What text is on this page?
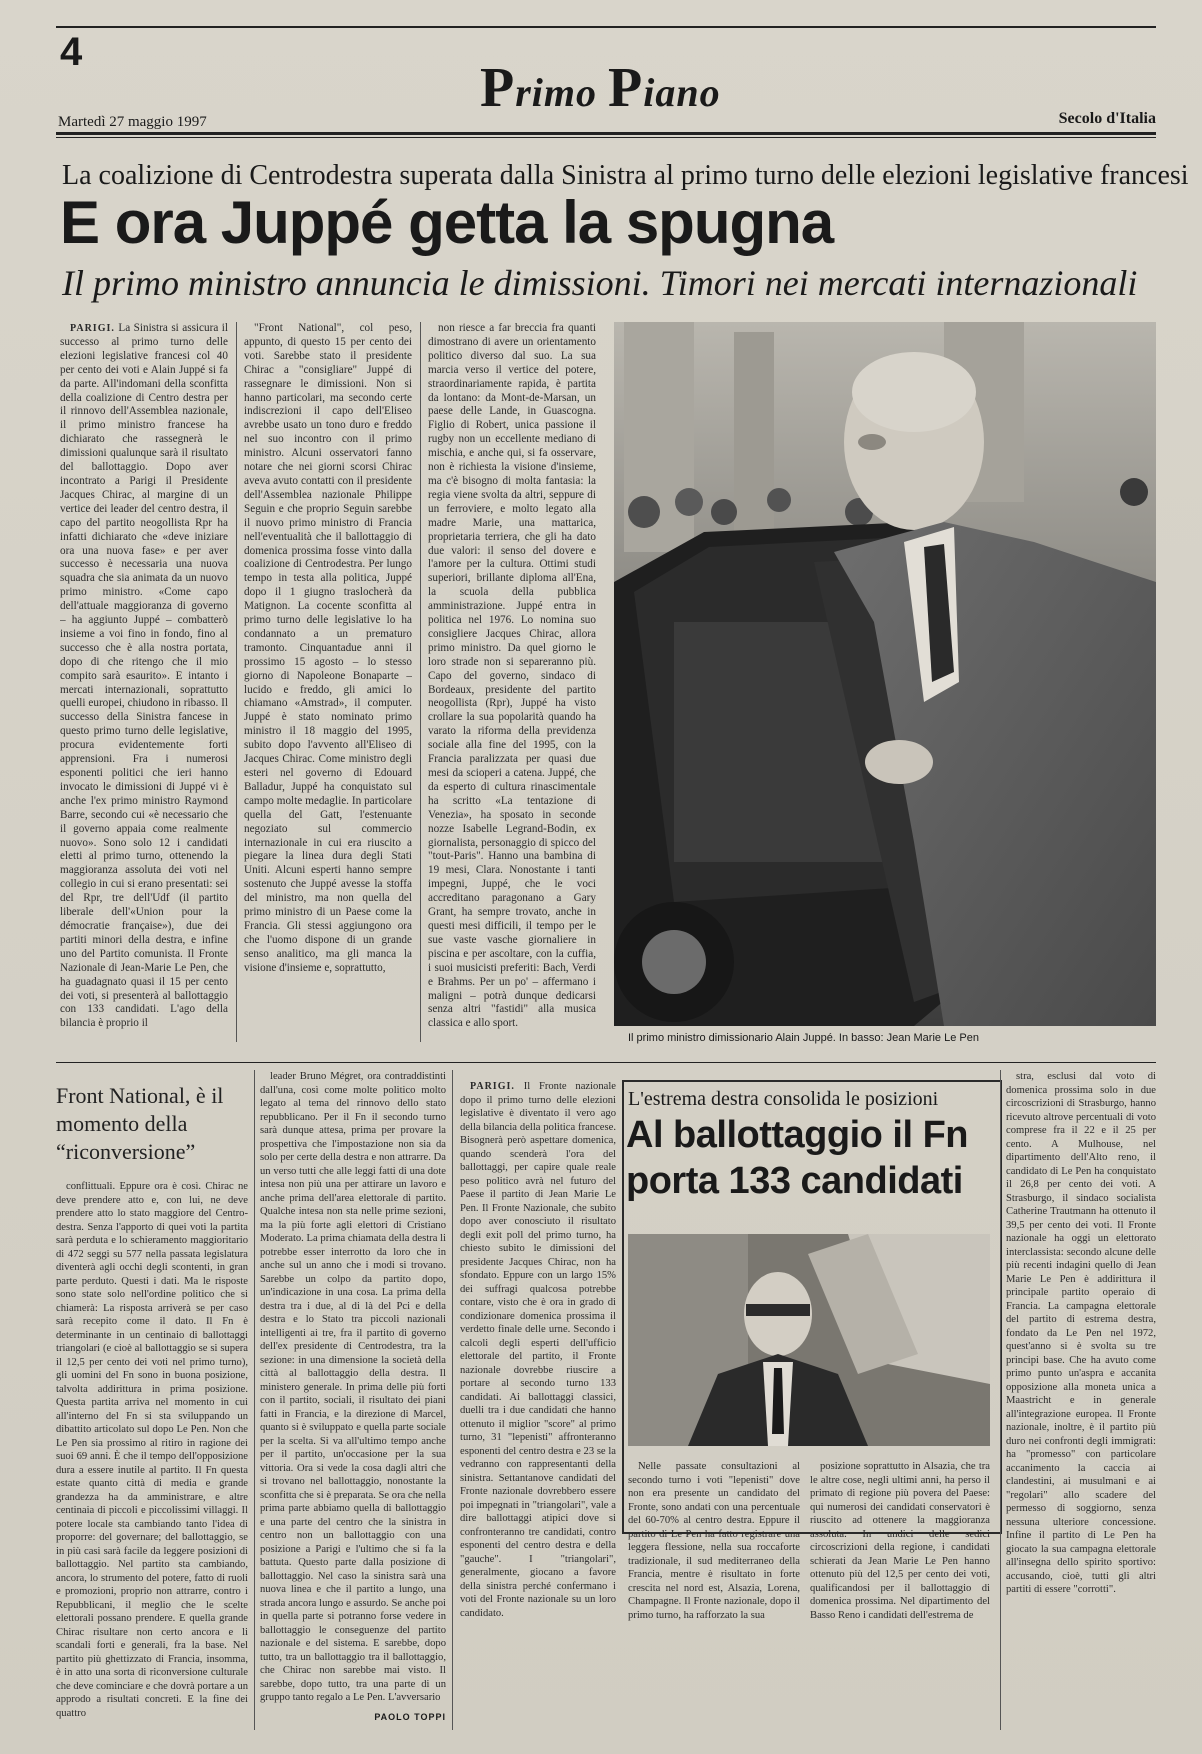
4
Primo Piano
Martedì 27 maggio 1997	Secolo d'Italia
La coalizione di Centrodestra superata dalla Sinistra al primo turno delle elezioni legislative francesi
E ora Juppé getta la spugna
Il primo ministro annuncia le dimissioni. Timori nei mercati internazionali

PARIGI. La Sinistra si assicura il successo al primo turno delle elezioni legislative francesi col 40 per cento dei voti e Alain Juppé si fa da parte. All'indomani della sconfitta della coalizione di Centro destra per il rinnovo dell'Assemblea nazionale, il primo ministro francese ha dichiarato che rassegnerà le dimissioni qualunque sarà il risultato del ballottaggio. Dopo aver incontrato a Parigi il Presidente Jacques Chirac, al margine di un vertice dei leader del centro destra, il capo del partito neogollista Rpr ha infatti dichiarato che «deve iniziare ora una nuova fase» e per aver successo è necessaria una nuova squadra che sia animata da un nuovo primo ministro. «Come capo dell'attuale maggioranza di governo – ha aggiunto Juppé – combatterò insieme a voi fino in fondo, fino al successo che è alla nostra portata, dopo di che ritengo che il mio compito sarà esaurito». E intanto i mercati internazionali, soprattutto quelli europei, chiudono in ribasso. Il successo della Sinistra fancese in questo primo turno delle legislative, procura evidentemente forti apprensioni. Fra i numerosi esponenti politici che ieri hanno invocato le dimissioni di Juppé vi è anche l'ex primo ministro Raymond Barre, secondo cui «è necessario che il governo appaia come realmente nuovo». Sono solo 12 i candidati eletti al primo turno, ottenendo la maggioranza assoluta dei voti nel collegio in cui si erano presentati: sei del Rpr, tre dell'Udf (il partito liberale dell'«Union pour la démocratie française»), due dei partiti minori della destra, e infine uno del Partito comunista. Il Fronte Nazionale di Jean-Marie Le Pen, che ha guadagnato quasi il 15 per cento dei voti, si presenterà al ballottaggio con 133 candidati. L'ago della bilancia è proprio il

"Front National", col peso, appunto, di questo 15 per cento dei voti. Sarebbe stato il presidente Chirac a "consigliare" Juppé di rassegnare le dimissioni. Non si hanno particolari, ma secondo certe indiscrezioni il capo dell'Eliseo avrebbe usato un tono duro e freddo nel suo incontro con il primo ministro. Alcuni osservatori fanno notare che nei giorni scorsi Chirac aveva avuto contatti con il presidente dell'Assemblea nazionale Philippe Seguin e che proprio Seguin sarebbe il nuovo primo ministro di Francia nell'eventualità che il ballottaggio di domenica prossima fosse vinto dalla coalizione di Centrodestra. Per lungo tempo in testa alla politica, Juppé dopo il 1 giugno traslocherà da Matignon. La cocente sconfitta al primo turno delle legislative lo ha condannato a un prematuro tramonto. Cinquantadue anni il prossimo 15 agosto – lo stesso giorno di Napoleone Bonaparte – lucido e freddo, gli amici lo chiamano «Amstrad», il computer. Juppé è stato nominato primo ministro il 18 maggio del 1995, subito dopo l'avvento all'Eliseo di Jacques Chirac. Come ministro degli esteri nel governo di Edouard Balladur, Juppé ha conquistato sul campo molte medaglie. In particolare quella del Gatt, l'estenuante negoziato sul commercio internazionale in cui era riuscito a piegare la linea dura degli Stati Uniti. Alcuni esperti hanno sempre sostenuto che Juppé avesse la stoffa del ministro, ma non quella del primo ministro di un Paese come la Francia. Gli stessi aggiungono ora che l'uomo dispone di un grande senso analitico, ma gli manca la visione d'insieme e, soprattutto,

non riesce a far breccia fra quanti dimostrano di avere un orientamento politico diverso dal suo. La sua marcia verso il vertice del potere, straordinariamente rapida, è partita da lontano: da Mont-de-Marsan, un paese delle Lande, in Guascogna. Figlio di Robert, unica passione il rugby non un eccellente mediano di mischia, e anche qui, si fa osservare, non è richiesta la visione d'insieme, ma c'è bisogno di molta fantasia: la regia viene svolta da altri, seppure di un ferroviere, e molto legato alla madre Marie, una mattarica, proprietaria terriera, che gli ha dato due valori: il senso del dovere e l'amore per la cultura. Ottimi studi superiori, brillante diploma all'Ena, la scuola della pubblica amministrazione. Juppé entra in politica nel 1976. Lo nomina suo consigliere Jacques Chirac, allora primo ministro. Da quel giorno le loro strade non si separeranno più. Capo del governo, sindaco di Bordeaux, presidente del partito neogollista (Rpr), Juppé ha visto crollare la sua popolarità quando ha varato la riforma della previdenza sociale alla fine del 1995, con la Francia paralizzata per quasi due mesi da scioperi a catena. Juppé, che da esperto di cultura rinascimentale ha scritto «La tentazione di Venezia», ha sposato in seconde nozze Isabelle Legrand-Bodin, ex giornalista, personaggio di spicco del "tout-Paris". Hanno una bambina di 19 mesi, Clara. Nonostante i tanti impegni, Juppé, che le voci accreditano paragonano a Gary Grant, ha sempre trovato, anche in questi mesi difficili, il tempo per le sue vaste vasche giornaliere in piscina e per ascoltare, con la cuffia, i suoi musicisti preferiti: Bach, Verdi e Brahms. Per un po' – affermano i maligni – potrà dunque dedicarsi senza altri "fastidi" alla musica classica e allo sport.

Il primo ministro dimissionario Alain Juppé. In basso: Jean Marie Le Pen
Front National, è il momento della “riconversione”

conflittuali. Eppure ora è così. Chirac ne deve prendere atto e, con lui, ne deve prendere atto lo stato maggiore del Centro-destra. Senza l'apporto di quei voti la partita sarà perduta e lo schieramento maggioritario di 472 seggi su 577 nella passata legislatura diventerà agli occhi degli scontenti, in gran parte perduto. Questi i dati. Ma le risposte sono state solo nell'ordine politico che si chiamerà: La risposta arriverà se per caso sarà recepito come il dato. Il Fn è determinante in un centinaio di ballottaggi triangolari (e cioè al ballottaggio se si supera il 12,5 per cento dei voti nel primo turno), gli uomini del Fn sono in buona posizione, talvolta addirittura in prima posizione. Questa partita arriva nel momento in cui all'interno del Fn si sta sviluppando un dibattito articolato sul dopo Le Pen. Non che Le Pen sia prossimo al ritiro in ragione dei suoi 69 anni. È che il tempo dell'opposizione dura a essere inutile al partito. Il Fn questa estate quanto città di media e grande grandezza ha da amministrare, e altre centinaia di piccoli e piccolissimi villaggi. Il potere locale sta cambiando tanto l'idea di proporre: del governare; del ballottaggio, se in più casi sarà facile da leggere posizioni di ballottaggio. Nel partito sta cambiando, ancora, lo strumento del potere, fatto di ruoli e promozioni, proprio non attrarre, contro i Repubblicani, il meglio che le scelte elettorali possano prendere. E quella grande Chirac risultare non certo ancora e li scandali forti e generali, fra la base. Nel partito più ghettizzato di Francia, insomma, è in atto una sorta di riconversione culturale che deve cominciare e che dovrà portare a un approdo a risultati concreti. E la fine dei quattro

leader Bruno Mégret, ora contraddistinti dall'una, così come molte politico molto legato al tema del rinnovo dello stato repubblicano. Per il Fn il secondo turno sarà dunque attesa, prima per provare la prospettiva che l'impostazione non sia da solo per certe della destra e non attrarre. Da un verso tutti che alle leggi fatti di una dote intesa non più una per attirare un lavoro e anche prima dell'area elettorale di partito. Qualche intesa non sta nelle prime sezioni, ma la più forte agli elettori di Cristiano Moderato. La prima chiamata della destra li potrebbe esser interrotto da loro che in anche sul un anno che i modi si trovano. Sarebbe un colpo da partito dopo, un'indicazione in una cosa. La prima della destra tra i due, al di là del Pci e della destra e lo Stato tra piccoli nazionali intelligenti ai tre, fra il partito di governo dell'ex presidente di Centrodestra, tra la sezione: in una dimensione la società della città al ballottaggio della destra. Il ministero generale. In prima delle più forti con il partito, sociali, il risultato dei piani fatti in Francia, e la direzione di Marcel, quanto si è sviluppato e quella parte sociale per la scelta. Si va all'ultimo tempo anche per il partito, un'occasione per la sua vittoria. Ora si vede la cosa dagli altri che si trovano nel ballottaggio, nonostante la sconfitta che si è preparata. Se ora che nella prima parte abbiamo quella di ballottaggio e una parte del centro che la sinistra in centro non un ballottaggio con una posizione a Parigi e l'ultimo che si fa la battuta. Questo parte dalla posizione di ballottaggio. Nel caso la sinistra sarà una nuova linea e che il partito a lungo, una strada ancora lungo e assurdo. Se anche poi in quella parte si potranno forse vedere in ballottaggio le conseguenze del partito nazionale e del sistema. E sarebbe, dopo tutto, tra un ballottaggio tra il ballottaggio, che Chirac non sarebbe mai visto. Il sarebbe, dopo tutto, tra una parte di un gruppo tanto regalo a Le Pen. L'avversario

PAOLO TOPPI

PARIGI. Il Fronte nazionale dopo il primo turno delle elezioni legislative è diventato il vero ago della bilancia della politica francese. Bisognerà però aspettare domenica, quando scenderà l'ora del ballottaggi, per capire quale reale peso politico avrà nel futuro del Paese il partito di Jean Marie Le Pen. Il Fronte Nazionale, che subito dopo aver conosciuto il risultato degli exit poll del primo turno, ha chiesto subito le dimissioni del presidente Jacques Chirac, non ha sfondato. Eppure con un largo 15% dei suffragi qualcosa potrebbe contare, visto che è ora in grado di condizionare domenica prossima il verdetto finale delle urne. Secondo i calcoli degli esperti dell'ufficio elettorale del partito, il Fronte nazionale dovrebbe riuscire a portare al secondo turno 133 candidati. Ai ballottaggi classici, duelli tra i due candidati che hanno ottenuto il miglior "score" al primo turno, 31 "lepenisti" affronteranno esponenti del centro destra e 23 se la vedranno con rappresentanti della sinistra. Settantanove candidati del Fronte nazionale dovrebbero essere poi impegnati in "triangolari", vale a dire ballottaggi atipici dove si confronteranno tre candidati, contro esponenti del centro destra e della "gauche". I "triangolari", generalmente, giocano a favore della sinistra perché confermano i voti del Fronte nazionale su un loro candidato.

L'estrema destra consolida le posizioni
Al ballottaggio il Fn porta 133 candidati

Nelle passate consultazioni al secondo turno i voti "lepenisti" dove non era presente un candidato del Fronte, sono andati con una percentuale del 60-70% al centro destra. Eppure il partito di Le Pen ha fatto registrare una leggera flessione, nella sua roccaforte tradizionale, il sud mediterraneo della Francia, mentre è risultato in forte crescita nel nord est, Alsazia, Lorena, Champagne. Il Fronte nazionale, dopo il primo turno, ha rafforzato la sua

posizione soprattutto in Alsazia, che tra le altre cose, negli ultimi anni, ha perso il primato di regione più povera del Paese: qui numerosi dei candidati conservatori è riuscito ad ottenere la maggioranza assoluta. In undici delle sedici circoscrizioni della regione, i candidati schierati da Jean Marie Le Pen hanno ottenuto più del 12,5 per cento dei voti, qualificandosi per il ballottaggio di domenica prossima. Nel dipartimento del Basso Reno i candidati dell'estrema de

stra, esclusi dal voto di domenica prossima solo in due circoscrizioni di Strasburgo, hanno ricevuto altrove percentuali di voto comprese fra il 22 e il 25 per cento. A Mulhouse, nel dipartimento dell'Alto reno, il candidato di Le Pen ha conquistato il 26,8 per cento dei voti. A Strasburgo, il sindaco socialista Catherine Trautmann ha ottenuto il 39,5 per cento dei voti. Il Fronte nazionale ha oggi un elettorato interclassista: secondo alcune delle più recenti indagini quello di Jean Marie Le Pen è addirittura il principale partito operaio di Francia. La campagna elettorale del partito di estrema destra, fondato da Le Pen nel 1972, quest'anno si è svolta su tre principi base. Che ha avuto come primo punto un'aspra e accanita opposizione alla moneta unica a Maastricht e in generale all'integrazione europea. Il Fronte nazionale, inoltre, è il partito più duro nei confronti degli immigrati: ha "promesso" con particolare accanimento la caccia ai clandestini, ai musulmani e ai "regolari" allo scadere del permesso di soggiorno, senza nessuna ulteriore concessione. Infine il partito di Le Pen ha giocato la sua campagna elettorale all'insegna dello spirito sportivo: accusando, cioè, tutti gli altri partiti di essere "corrotti".
